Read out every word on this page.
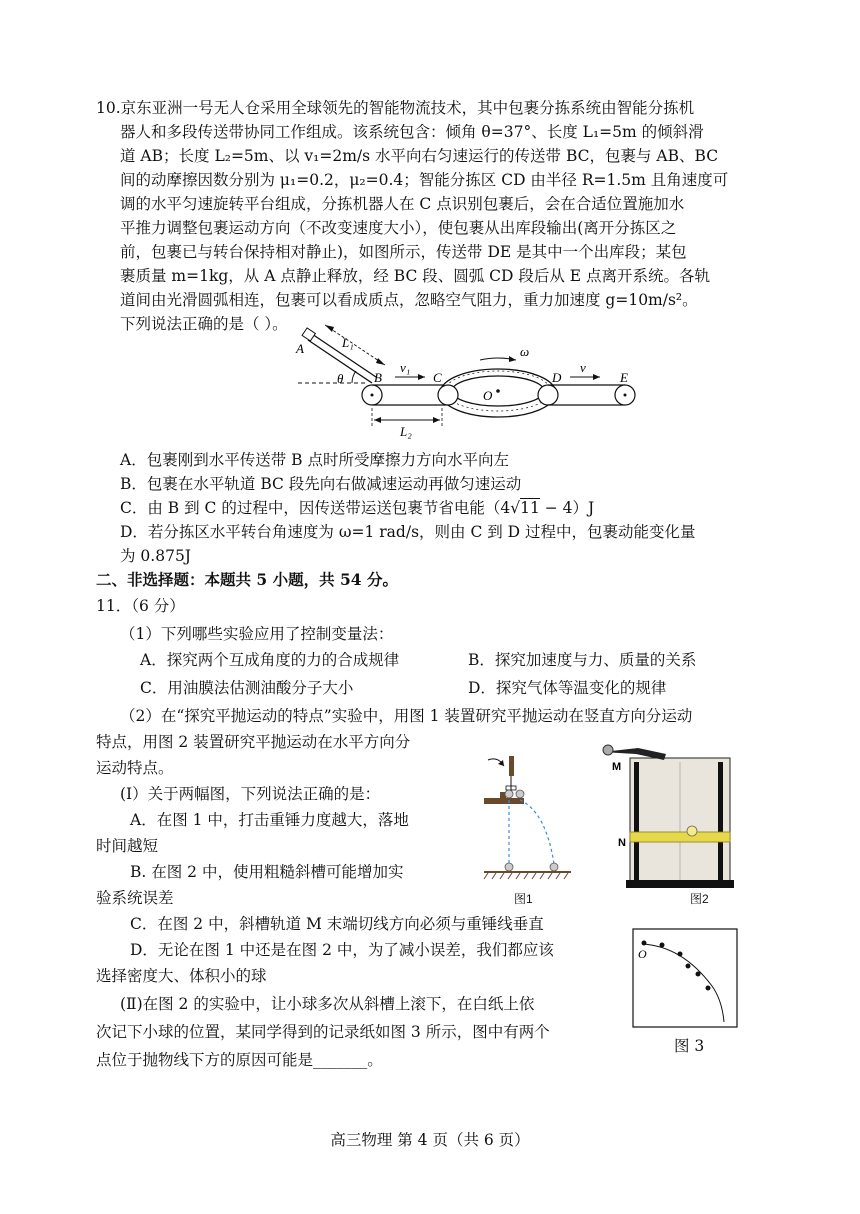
10.京东亚洲一号无人仓采用全球领先的智能物流技术，其中包裹分拣系统由智能分拣机
器人和多段传送带协同工作组成。该系统包含：倾角 θ=37°、长度 L₁=5m 的倾斜滑
道 AB；长度 L₂=5m、以 v₁=2m/s 水平向右匀速运行的传送带 BC，包裹与 AB、BC
间的动摩擦因数分别为 μ₁=0.2，μ₂=0.4；智能分拣区 CD 由半径 R=1.5m 且角速度可
调的水平匀速旋转平台组成，分拣机器人在 C 点识别包裹后，会在合适位置施加水
平推力调整包裹运动方向（不改变速度大小），使包裹从出库段输出(离开分拣区之
前，包裹已与转台保持相对静止)，如图所示，传送带 DE 是其中一个出库段；某包
裹质量 m=1kg，从 A 点静止释放，经 BC 段、圆弧 CD 段后从 E 点离开系统。各轨
道间由光滑圆弧相连，包裹可以看成质点，忽略空气阻力，重力加速度 g=10m/s²。
下列说法正确的是（ ）。
A	L₁
θ B
v₁
C
ω
O
D
v
E
L₂
A．包裹刚到水平传送带 B 点时所受摩擦力方向水平向左
B．包裹在水平轨道 BC 段先向右做减速运动再做匀速运动
C．由 B 到 C 的过程中，因传送带运送包裹节省电能（4√11 − 4）J
D．若分拣区水平转台角速度为 ω=1 rad/s，则由 C 到 D 过程中，包裹动能变化量
为 0.875J
二、非选择题：本题共 5 小题，共 54 分。
11．（6 分）
（1）下列哪些实验应用了控制变量法：
A．探究两个互成角度的力的合成规律	B．探究加速度与力、质量的关系
C．用油膜法估测油酸分子大小	D．探究气体等温变化的规律
（2）在“探究平抛运动的特点”实验中，用图 1 装置研究平抛运动在竖直方向分运动
特点，用图 2 装置研究平抛运动在水平方向分
运动特点。
(Ⅰ）关于两幅图，下列说法正确的是：
A．在图 1 中，打击重锤力度越大，落地
时间越短
B. 在图 2 中，使用粗糙斜槽可能增加实
验系统误差
C．在图 2 中，斜槽轨道 M 末端切线方向必须与重锤线垂直
D．无论在图 1 中还是在图 2 中，为了减小误差，我们都应该
选择密度大、体积小的球
(Ⅱ)在图 2 的实验中，让小球多次从斜槽上滚下，在白纸上依
次记下小球的位置，某同学得到的记录纸如图 3 所示，图中有两个
点位于抛物线下方的原因可能是_______。
图1
M
N
图2
O
图 3
高三物理 第 4 页（共 6 页）
